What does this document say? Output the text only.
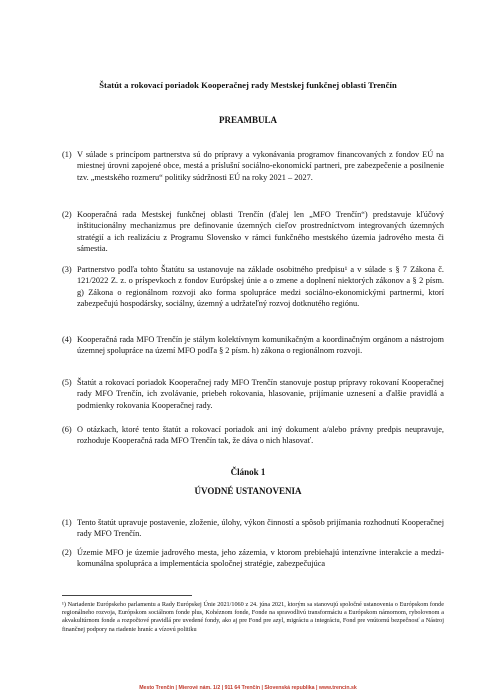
Štatút a rokovací poriadok Kooperačnej rady Mestskej funkčnej oblasti Trenčín
PREAMBULA
(1) V súlade s princípom partnerstva sú do prípravy a vykonávania programov financovaných z fondov EÚ na miestnej úrovni zapojené obce, mestá a príslušní sociálno-ekonomickí partneri, pre zabezpečenie a posilnenie tzv. „mestského rozmeru“ politiky súdržnosti EÚ na roky 2021 – 2027.
(2) Kooperačná rada Mestskej funkčnej oblasti Trenčín (ďalej len „MFO Trenčín“) predstavuje kľúčový inštitucionálny mechanizmus pre definovanie územných cieľov prostredníctvom integrovaných územných stratégií a ich realizáciu z Programu Slovensko v rámci funkčného mestského územia jadrového mesta či sámestia.
(3) Partnerstvo podľa tohto Štatútu sa ustanovuje na základe osobitného predpisu¹ a v súlade s § 7 Zákona č. 121/2022 Z. z. o príspevkoch z fondov Európskej únie a o zmene a doplnení niektorých zákonov a § 2 písm. g) Zákona o regionálnom rozvoji ako forma spolupráce medzi sociálno-ekonomickými partnermi, ktorí zabezpečujú hospodársky, sociálny, územný a udržateľný rozvoj dotknutého regiónu.
(4) Kooperačná rada MFO Trenčín je stálym kolektívnym komunikačným a koordinačným orgánom a nástrojom územnej spolupráce na území MFO podľa § 2 písm. h) zákona o regionálnom rozvoji.
(5) Štatút a rokovací poriadok Kooperačnej rady MFO Trenčín stanovuje postup prípravy rokovaní Kooperačnej rady MFO Trenčín, ich zvolávanie, priebeh rokovania, hlasovanie, prijímanie uznesení a ďalšie pravidlá a podmienky rokovania Kooperačnej rady.
(6) O otázkach, ktoré tento štatút a rokovací poriadok ani iný dokument a/alebo právny predpis neupravuje, rozhoduje Kooperačná rada MFO Trenčín tak, že dáva o nich hlasovať.
Článok 1
ÚVODNÉ USTANOVENIA
(1) Tento štatút upravuje postavenie, zloženie, úlohy, výkon činností a spôsob prijímania rozhodnutí Kooperačnej rady MFO Trenčín.
(2) Územie MFO je územie jadrového mesta, jeho zázemia, v ktorom prebiehajú intenzívne interakcie a medzi-komunálna spolupráca a implementácia spoločnej stratégie, zabezpečujúca
¹) Nariadenie Európskeho parlamentu a Rady Európskej Únie 2021/1060 z 24. júna 2021, ktorým sa stanovujú spoločné ustanovenia o Európskom fonde regionálneho rozvoja, Európskom sociálnom fonde plus, Kohéznom fonde, Fonde na spravodlivú transformáciu a Európskom námornom, rybolovnom a akvakultúrnom fonde a rozpočtové pravidlá pre uvedené fondy, ako aj pre Fond pre azyl, migráciu a integráciu, Fond pre vnútornú bezpečnosť a Nástroj finančnej podpory na riadenie hraníc a vízovú politiku
Mesto Trenčín | Mierové nám. 1/2 | 911 64 Trenčín | Slovenská republika | www.trencin.sk
